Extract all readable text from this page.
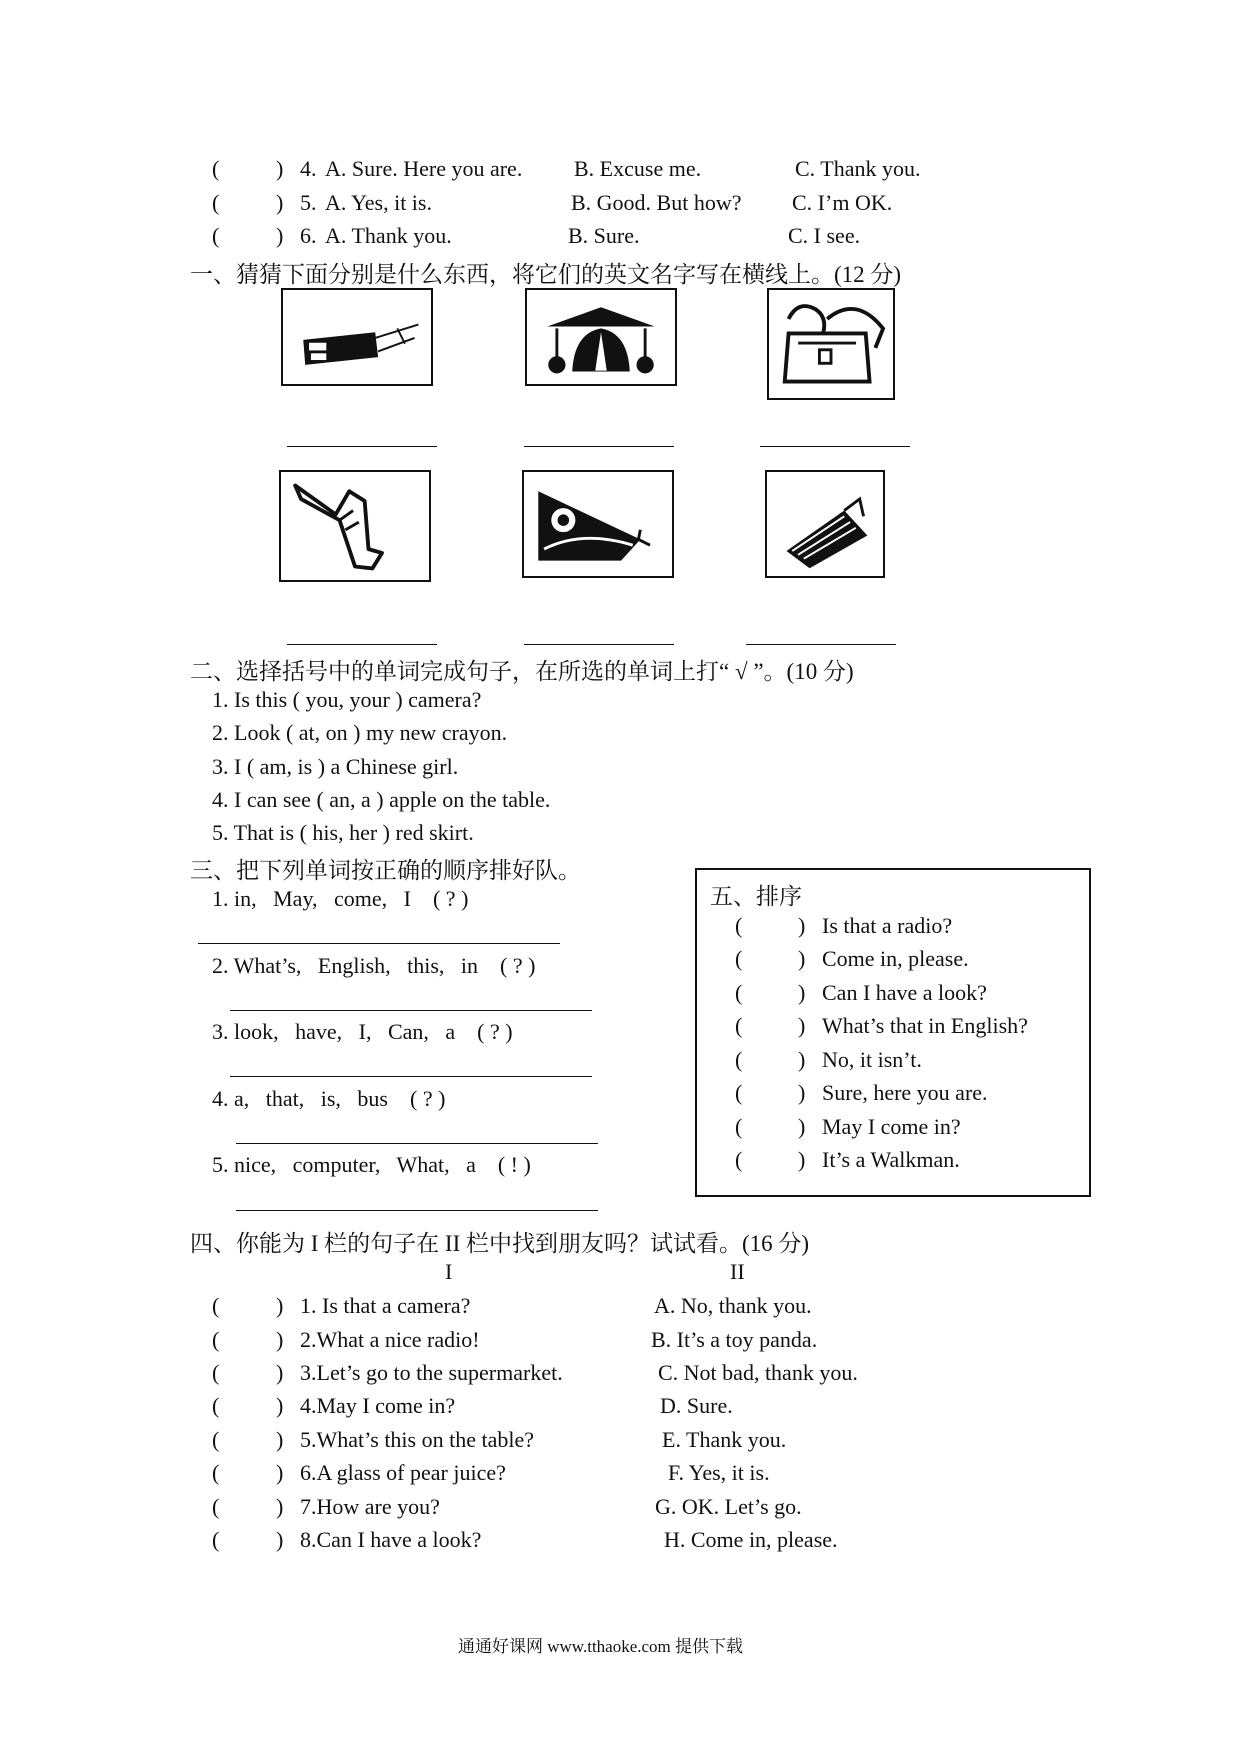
(	) 4. A. Sure. Here you are. B. Excuse me.	C. Thank you.
(	) 5. A. Yes, it is.	B. Good. But how? C. I’m OK.
(	) 6. A. Thank you.	B. Sure.	C. I see.
一、猜猜下面分别是什么东西，将它们的英文名字写在横线上。(12 分)
二、选择括号中的单词完成句子，在所选的单词上打“ √ ”。(10 分)
1. Is this ( you, your ) camera?
2. Look ( at, on ) my new crayon.
3. I ( am, is ) a Chinese girl.
4. I can see ( an, a ) apple on the table.
5. That is ( his, her ) red skirt.
三、把下列单词按正确的顺序排好队。
1. in,   May,   come,   I    ( ? )
2. What’s,   English,   this,   in    ( ? )
3. look,   have,   I,   Can,   a    ( ? )
4. a,   that,   is,   bus    ( ? )
5. nice,   computer,   What,   a    ( ! )
五、排序
(	) Is that a radio?
(	) Come in, please.
(	) Can I have a look?
(	) What’s that in English?
(	) No, it isn’t.
(	) Sure, here you are.
(	) May I come in?
(	) It’s a Walkman.
四、你能为 I 栏的句子在 II 栏中找到朋友吗？试试看。(16 分)
I	II
(	) 1. Is that a camera?	A. No, thank you.
(	) 2.What a nice radio!	B. It’s a toy panda.
(	) 3.Let’s go to the supermarket.	C. Not bad, thank you.
(	) 4.May I come in?	D. Sure.
(	) 5.What’s this on the table?	E. Thank you.
(	) 6.A glass of pear juice?	F. Yes, it is.
(	) 7.How are you?	G. OK. Let’s go.
(	) 8.Can I have a look?	H. Come in, please.
通通好课网 www.tthaoke.com 提供下载
